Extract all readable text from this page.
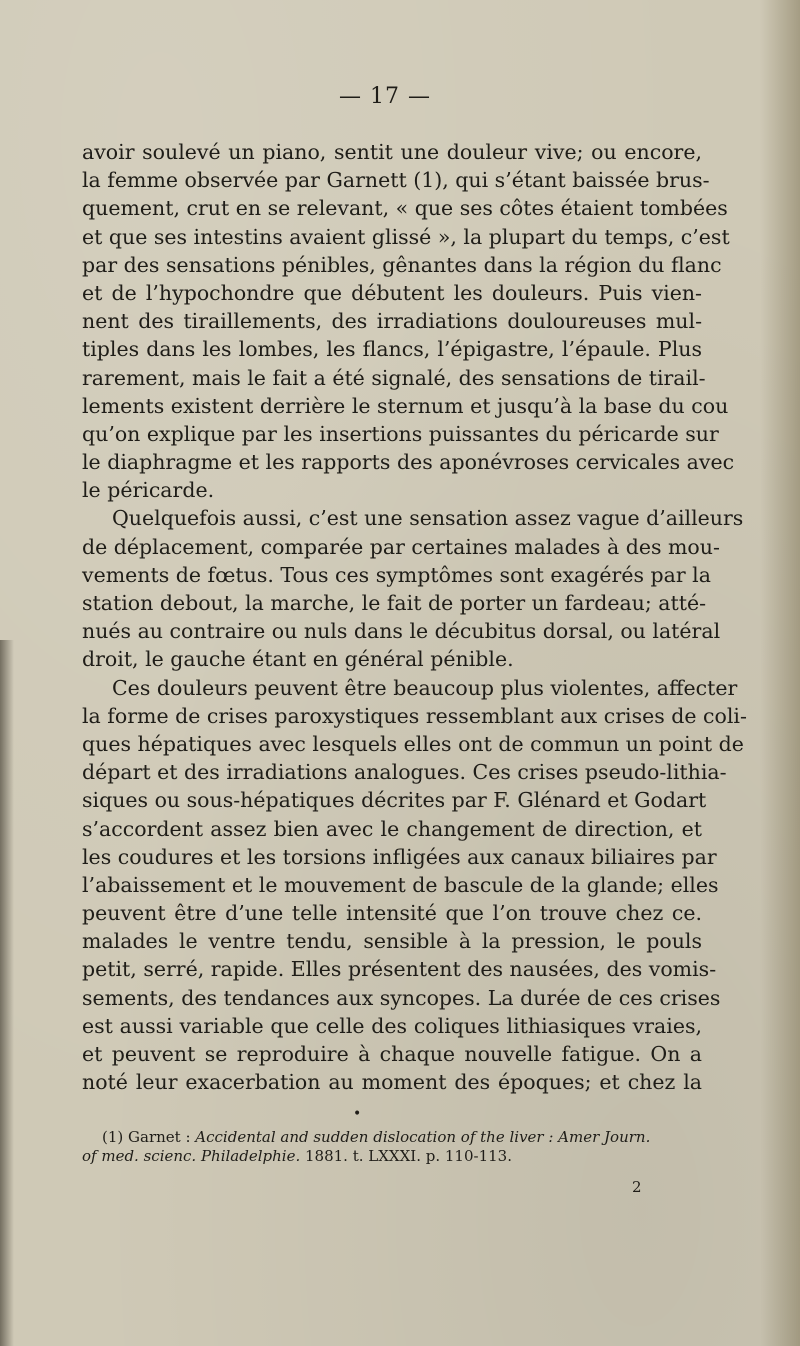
— 17 —
avoir soulevé un piano, sentit une douleur vive; ou encore,
la femme observée par Garnett (1), qui s’étant baissée brus-
quement, crut en se relevant, « que ses côtes étaient tombées
et que ses intestins avaient glissé », la plupart du temps, c’est
par des sensations pénibles, gênantes dans la région du flanc
et de l’hypochondre que débutent les douleurs. Puis vien-
nent des tiraillements, des irradiations douloureuses mul-
tiples dans les lombes, les flancs, l’épigastre, l’épaule. Plus
rarement, mais le fait a été signalé, des sensations de tirail-
lements existent derrière le sternum et jusqu’à la base du cou
qu’on explique par les insertions puissantes du péricarde sur
le diaphragme et les rapports des aponévroses cervicales avec
le péricarde.
Quelquefois aussi, c’est une sensation assez vague d’ailleurs
de déplacement, comparée par certaines malades à des mou-
vements de fœtus. Tous ces symptômes sont exagérés par la
station debout, la marche, le fait de porter un fardeau; atté-
nués au contraire ou nuls dans le décubitus dorsal, ou latéral
droit, le gauche étant en général pénible.
Ces douleurs peuvent être beaucoup plus violentes, affecter
la forme de crises paroxystiques ressemblant aux crises de coli-
ques hépatiques avec lesquels elles ont de commun un point de
départ et des irradiations analogues. Ces crises pseudo-lithia-
siques ou sous-hépatiques décrites par F. Glénard et Godart
s’accordent assez bien avec le changement de direction, et
les coudures et les torsions infligées aux canaux biliaires par
l’abaissement et le mouvement de bascule de la glande; elles
peuvent être d’une telle intensité que l’on trouve chez ce.
malades le ventre tendu, sensible à la pression, le pouls
petit, serré, rapide. Elles présentent des nausées, des vomis-
sements, des tendances aux syncopes. La durée de ces crises
est aussi variable que celle des coliques lithiasiques vraies,
et peuvent se reproduire à chaque nouvelle fatigue. On a
noté leur exacerbation au moment des époques; et chez la
•
(1) Garnet : Accidental and sudden dislocation of the liver : Amer Journ.
of med. scienc. Philadelphie. 1881. t. LXXXI. p. 110-113.
2
